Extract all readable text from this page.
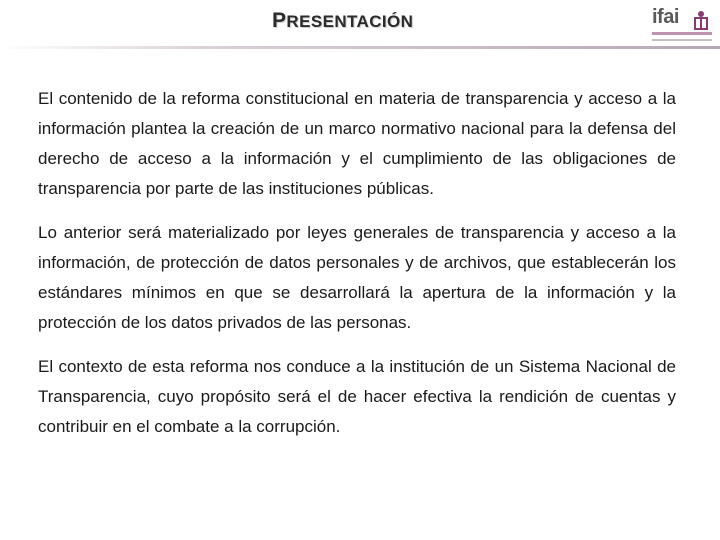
PRESENTACIÓN	ifai

El contenido de la reforma constitucional en materia de transparencia y acceso a la información plantea la creación de un marco normativo nacional para la defensa del derecho de acceso a la información y el cumplimiento de las obligaciones de transparencia por parte de las instituciones públicas.

Lo anterior será materializado por leyes generales de transparencia y acceso a la información, de protección de datos personales y de archivos, que establecerán los estándares mínimos en que se desarrollará la apertura de la información y la protección de los datos privados de las personas.

El contexto de esta reforma nos conduce a la institución de un Sistema Nacional de Transparencia, cuyo propósito será el de hacer efectiva la rendición de cuentas y contribuir en el combate a la corrupción.
